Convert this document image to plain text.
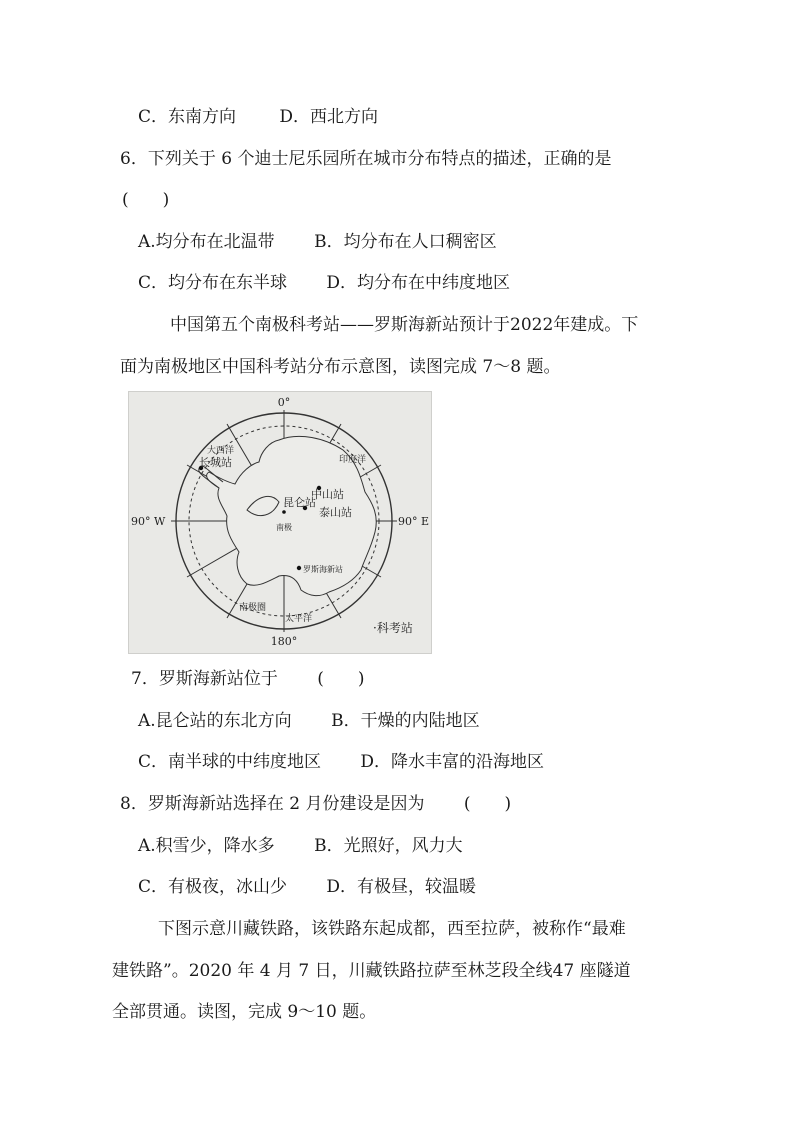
C．东南方向	D．西北方向
6．下列关于 6 个迪士尼乐园所在城市分布特点的描述，正确的是
(　　)
A.均分布在北温带 B．均分布在人口稠密区
C．均分布在东半球 D．均分布在中纬度地区
中国第五个南极科考站——罗斯海新站预计于2022年建成。下
面为南极地区中国科考站分布示意图，读图完成 7～8 题。
0°
180°
90° W	90° E
大西洋
长城站	印度洋
中山站
昆仑站
泰山站
南极
罗斯海新站
南极圈
太平洋
·科考站
7．罗斯海新站位于 (　　)
A.昆仑站的东北方向 B．干燥的内陆地区
C．南半球的中纬度地区 D．降水丰富的沿海地区
8．罗斯海新站选择在 2 月份建设是因为 (　　)
A.积雪少，降水多 B．光照好，风力大
C．有极夜，冰山少 D．有极昼，较温暖
下图示意川藏铁路，该铁路东起成都，西至拉萨，被称作“最难
建铁路”。2020 年 4 月 7 日，川藏铁路拉萨至林芝段全线47 座隧道
全部贯通。读图，完成 9～10 题。
